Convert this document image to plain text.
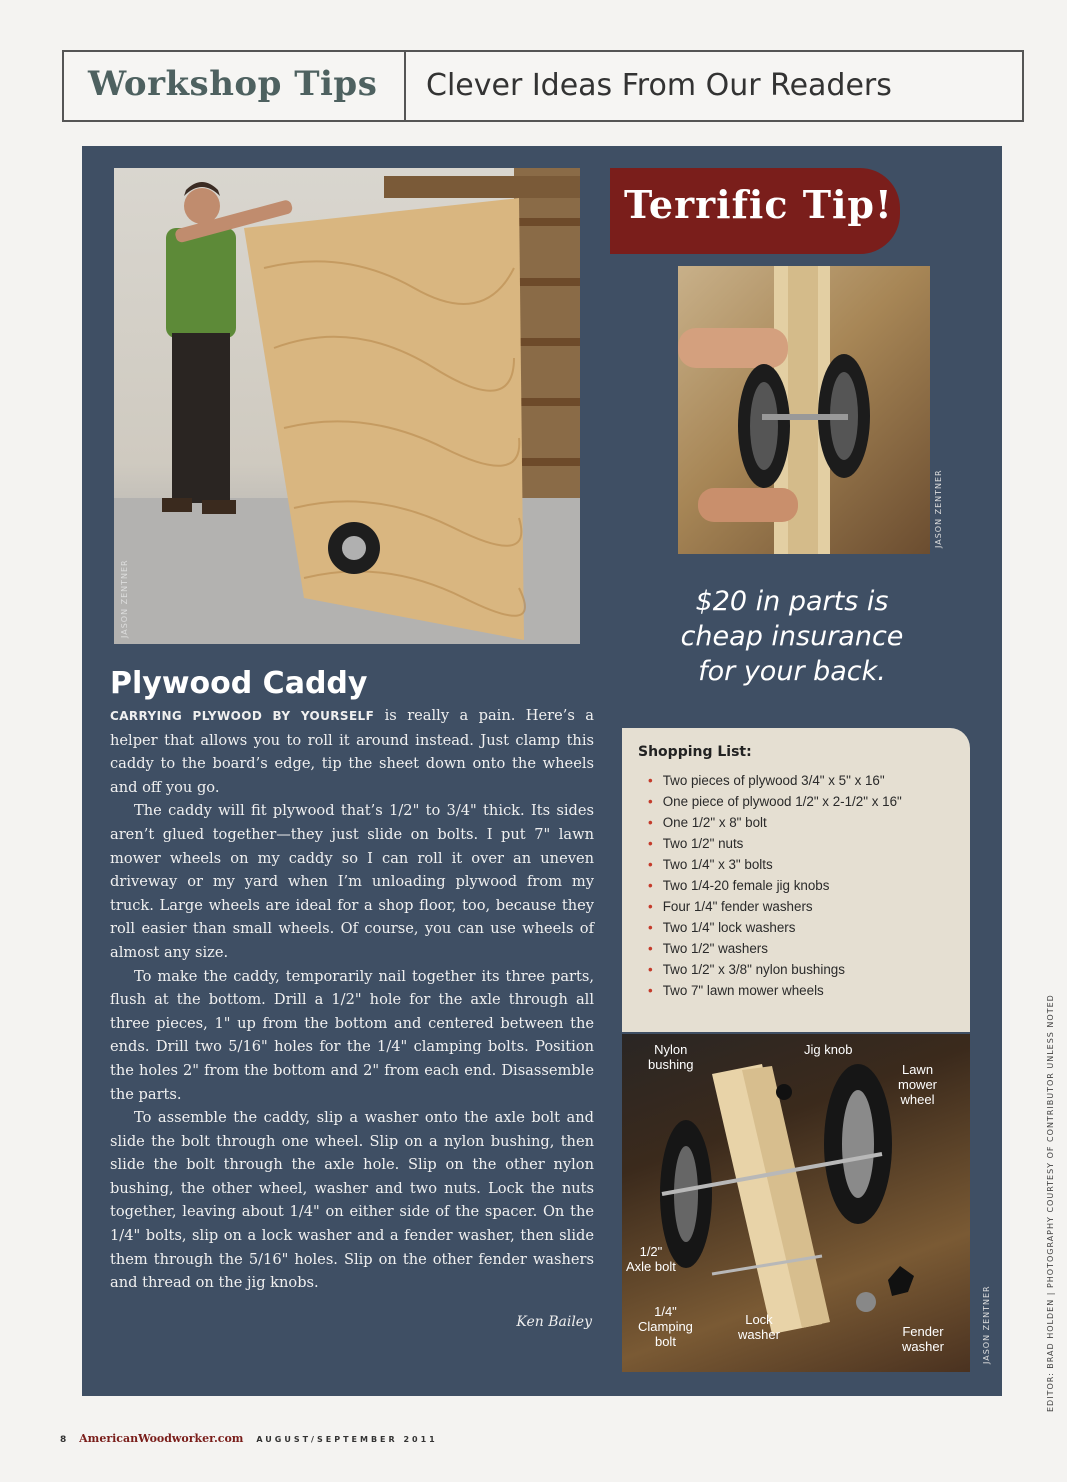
Workshop Tips Clever Ideas From Our Readers
JASON ZENTNER
Terrific Tip!
JASON ZENTNER
$20 in parts is
cheap insurance
for your back.
Plywood Caddy

CARRYING PLYWOOD BY YOURSELF is really a pain. Here’s a helper that allows you to roll it around instead. Just clamp this caddy to the board’s edge, tip the sheet down onto the wheels and off you go.

The caddy will fit plywood that’s 1/2" to 3/4" thick. Its sides aren’t glued together—they just slide on bolts. I put 7" lawn mower wheels on my caddy so I can roll it over an uneven driveway or my yard when I’m unloading plywood from my truck. Large wheels are ideal for a shop floor, too, because they roll easier than small wheels. Of course, you can use wheels of almost any size.

To make the caddy, temporarily nail together its three parts, flush at the bottom. Drill a 1/2" hole for the axle through all three pieces, 1" up from the bottom and centered between the ends. Drill two 5/16" holes for the 1/4" clamping bolts. Position the holes 2" from the bottom and 2" from each end. Disassemble the parts.

To assemble the caddy, slip a washer onto the axle bolt and slide the bolt through one wheel. Slip on a nylon bushing, then slide the bolt through the axle hole. Slip on the other nylon bushing, the other wheel, washer and two nuts. Lock the nuts together, leaving about 1/4" on either side of the spacer. On the 1/4" bolts, slip on a lock washer and a fender washer, then slide them through the 5/16" holes. Slip on the other fender washers and thread on the jig knobs.

Ken Bailey
Shopping List:
• Two pieces of plywood 3/4" x 5" x 16"
• One piece of plywood 1/2" x 2-1/2" x 16"
• One 1/2" x 8" bolt
• Two 1/2" nuts
• Two 1/4" x 3" bolts
• Two 1/4-20 female jig knobs
• Four 1/4" fender washers
• Two 1/4" lock washers
• Two 1/2" washers
• Two 1/2" x 3/8" nylon bushings
• Two 7" lawn mower wheels
Nylon
bushing
Jig knob
Lawn
mower
wheel
1/2"
Axle bolt
1/4"
Clamping
bolt
Lock
washer	Fender
washer	JASON ZENTNER
8 AmericanWoodworker.com AUGUST/SEPTEMBER 2011
EDITOR: BRAD HOLDEN | PHOTOGRAPHY COURTESY OF CONTRIBUTOR UNLESS NOTED
